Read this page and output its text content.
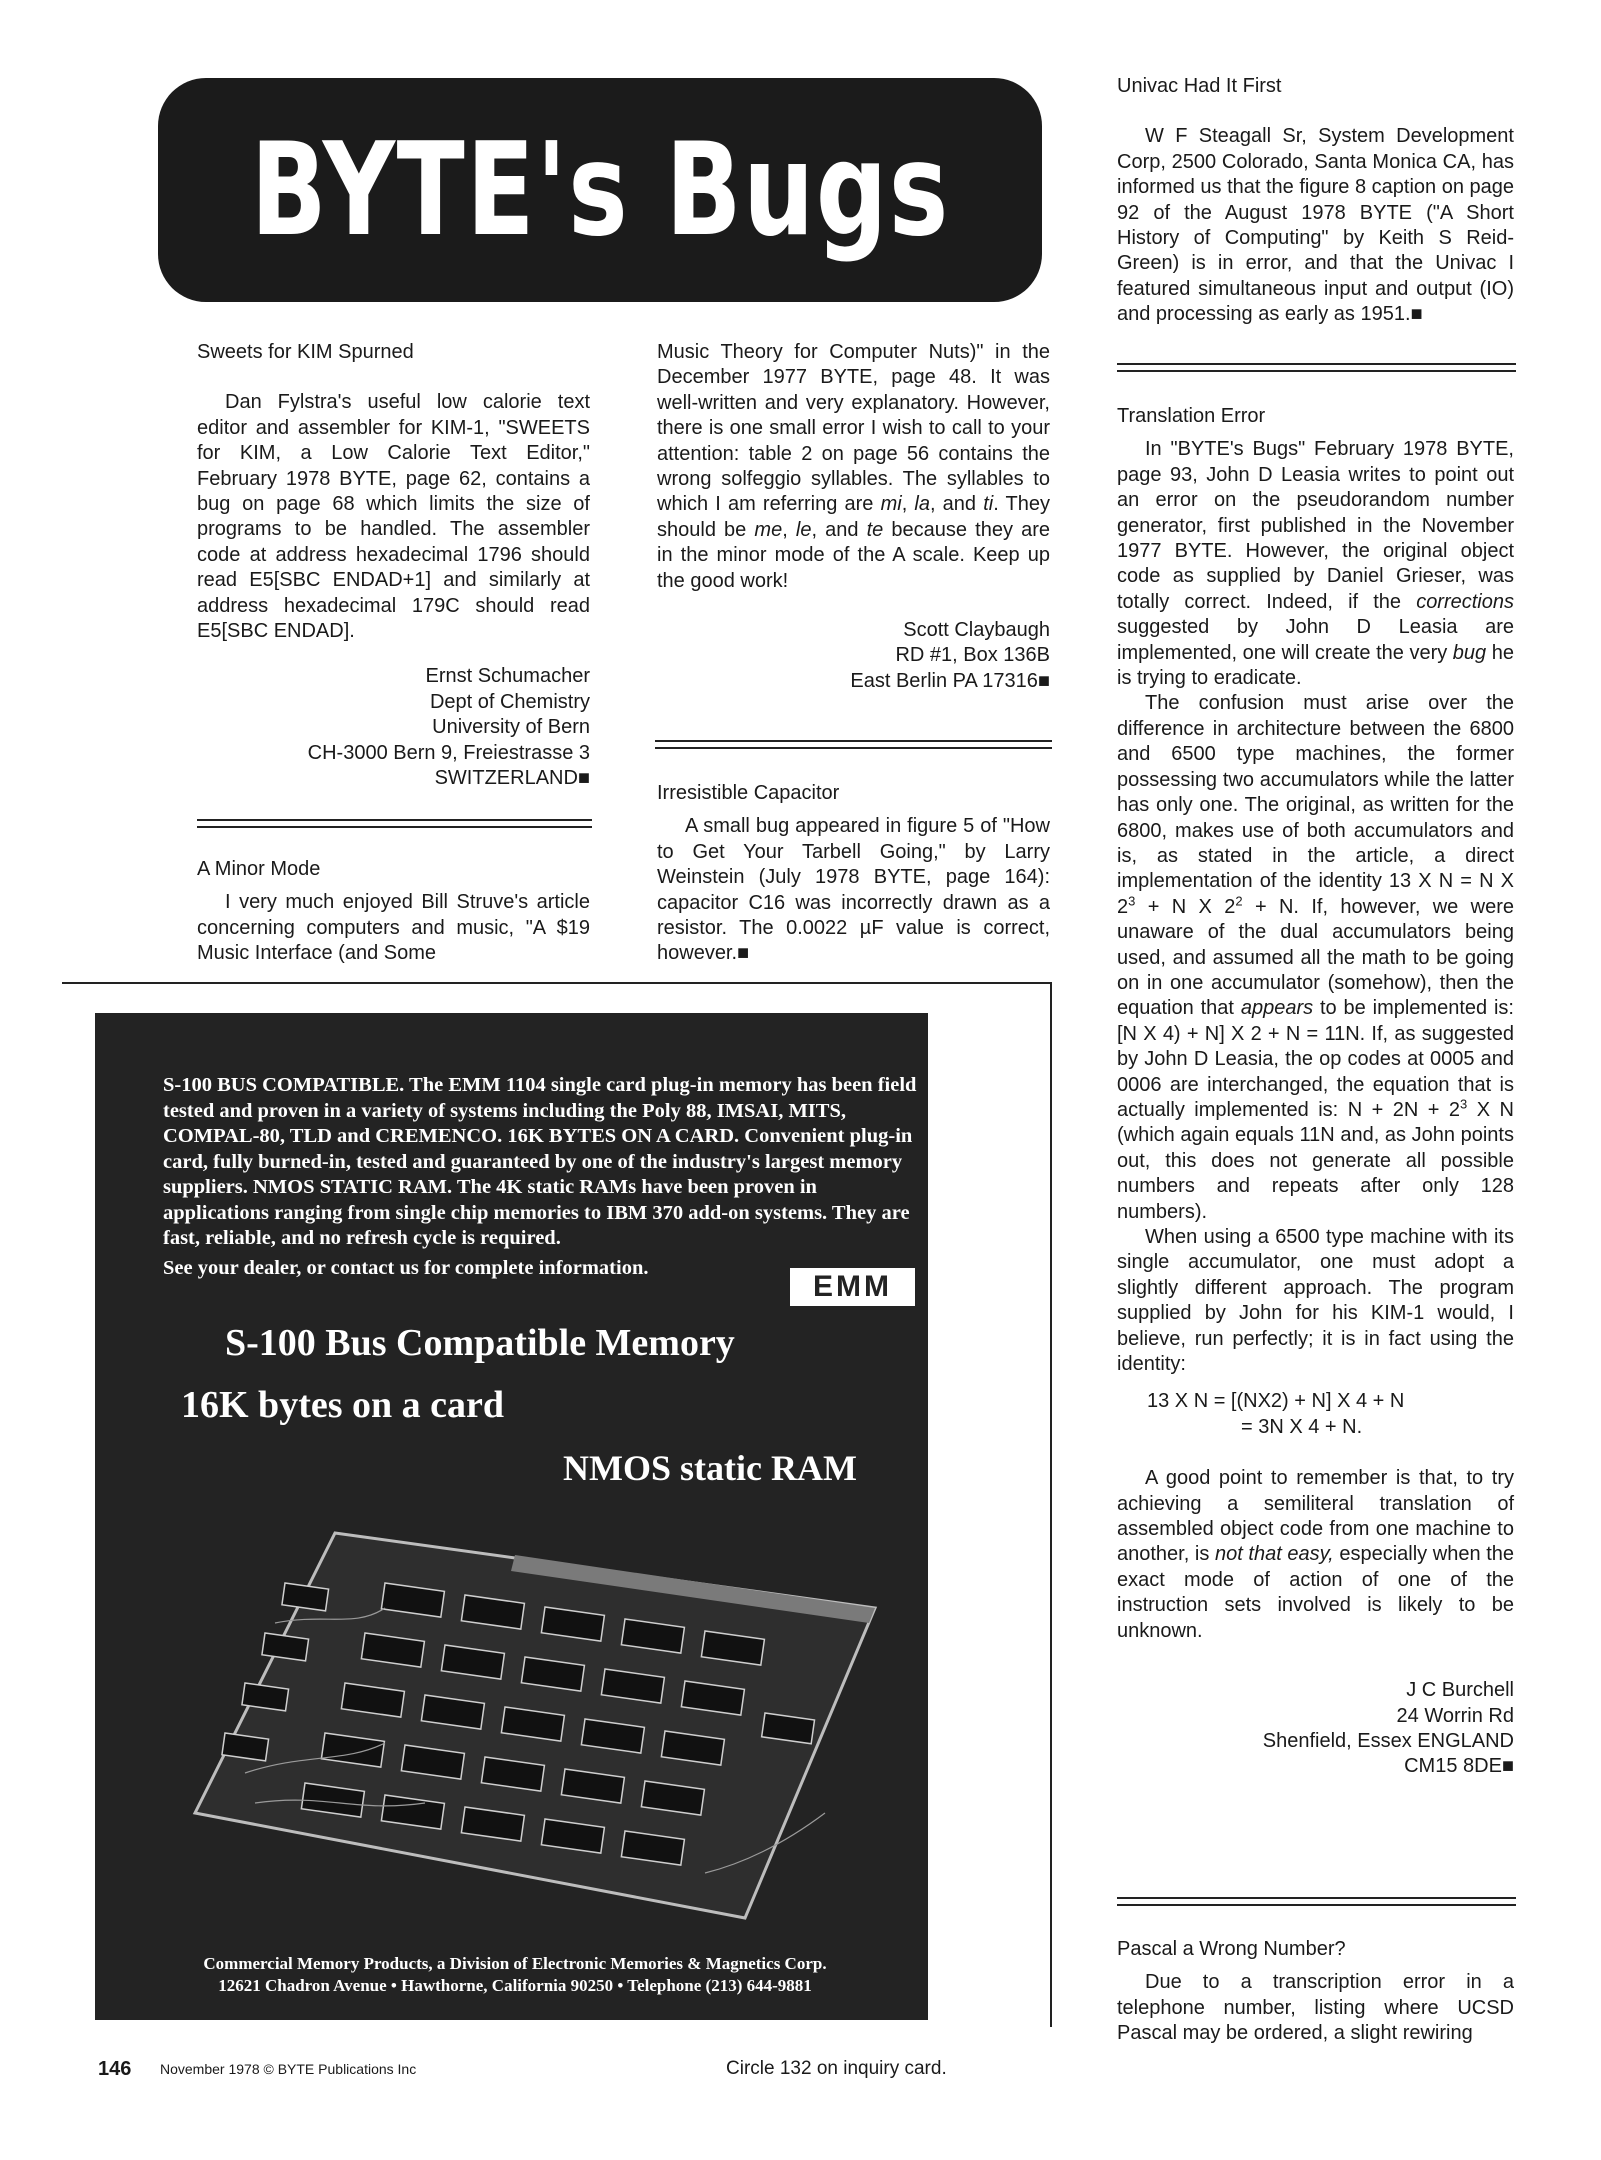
BYTE's Bugs

Sweets for KIM Spurned

Dan Fylstra's useful low calorie text editor and assembler for KIM-1, "SWEETS for KIM, a Low Calorie Text Editor," February 1978 BYTE, page 62, contains a bug on page 68 which limits the size of programs to be handled. The assembler code at address hexadecimal 1796 should read E5[SBC ENDAD+1] and similarly at address hexadecimal 179C should read E5[SBC ENDAD].

Ernst Schumacher

Dept of Chemistry

University of Bern

CH-3000 Bern 9, Freiestrasse 3

SWITZERLAND■

A Minor Mode

I very much enjoyed Bill Struve's article concerning computers and music, "A $19 Music Interface (and Some

Music Theory for Computer Nuts)" in the December 1977 BYTE, page 48. It was well-written and very explanatory. However, there is one small error I wish to call to your attention: table 2 on page 56 contains the wrong solfeggio syllables. The syllables to which I am referring are mi, la, and ti. They should be me, le, and te because they are in the minor mode of the A scale. Keep up the good work!

Scott Claybaugh

RD #1, Box 136B

East Berlin PA 17316■

Irresistible Capacitor

A small bug appeared in figure 5 of "How to Get Your Tarbell Going," by Larry Weinstein (July 1978 BYTE, page 164): capacitor C16 was incorrectly drawn as a resistor. The 0.0022 µF value is correct, however.■

Univac Had It First

W F Steagall Sr, System Development Corp, 2500 Colorado, Santa Monica CA, has informed us that the figure 8 caption on page 92 of the August 1978 BYTE ("A Short History of Computing" by Keith S Reid-Green) is in error, and that the Univac I featured simultaneous input and output (IO) and processing as early as 1951.■

Translation Error

In "BYTE's Bugs" February 1978 BYTE, page 93, John D Leasia writes to point out an error on the pseudorandom number generator, first published in the November 1977 BYTE. However, the original object code as supplied by Daniel Grieser, was totally correct. Indeed, if the corrections suggested by John D Leasia are implemented, one will create the very bug he is trying to eradicate.

The confusion must arise over the difference in architecture between the 6800 and 6500 type machines, the former possessing two accumulators while the latter has only one. The original, as written for the 6800, makes use of both accumulators and is, as stated in the article, a direct implementation of the identity 13 X N = N X $2^3 + N$ X $2^2 + N$. If, however, we were unaware of the dual accumulators being used, and assumed all the math to be going on in one accumulator (somehow), then the equation that appears to be implemented is: [N X 4) + N] X 2 + N = 11N. If, as suggested by John D Leasia, the op codes at 0005 and 0006 are interchanged, the equation that is actually implemented is: $N + 2N + 2^3$ X N (which again equals 11N and, as John points out, this does not generate all possible numbers and repeats after only 128 numbers).

When using a 6500 type machine with its single accumulator, one must adopt a slightly different approach. The program supplied by John for his KIM-1 would, I believe, run perfectly; it is in fact using the identity:

13 X N = [(NX2) + N] X 4 + N

= 3N X 4 + N.

A good point to remember is that, to try achieving a semiliteral translation of assembled object code from one machine to another, is not that easy, especially when the exact mode of action of one of the instruction sets involved is likely to be unknown.

J C Burchell

24 Worrin Rd

Shenfield, Essex ENGLAND

CM15 8DE■

Pascal a Wrong Number?

Due to a transcription error in a telephone number, listing where UCSD Pascal may be ordered, a slight rewiring

S-100 BUS COMPATIBLE. The EMM 1104 single card plug-in memory has been field tested and proven in a variety of systems including the Poly 88, IMSAI, MITS, COMPAL-80, TLD and CREMENCO. 16K BYTES ON A CARD. Convenient plug-in card, fully burned-in, tested and guaranteed by one of the industry's largest memory suppliers. NMOS STATIC RAM. The 4K static RAMs have been proven in applications ranging from single chip memories to IBM 370 add-on systems. They are fast, reliable, and no refresh cycle is required.

See your dealer, or contact us for complete information.

EMM
S-100 Bus Compatible Memory
16K bytes on a card
NMOS static RAM

Commercial Memory Products, a Division of Electronic Memories & Magnetics Corp.

12621 Chadron Avenue • Hawthorne, California 90250 • Telephone (213) 644-9881

146 November 1978 © BYTE Publications Inc	Circle 132 on inquiry card.
